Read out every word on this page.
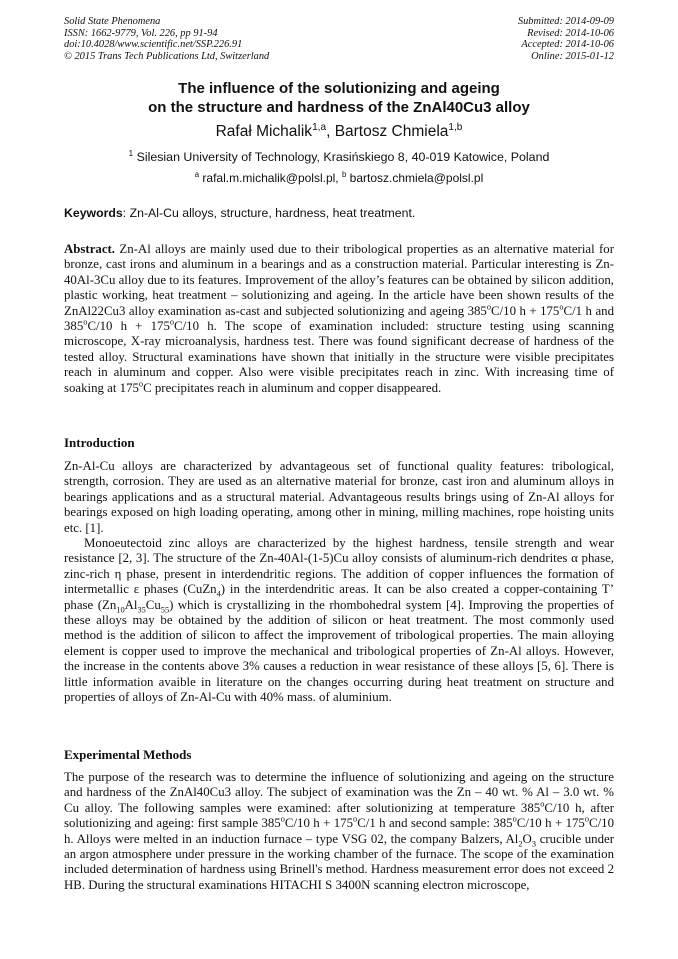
Solid State Phenomena
ISSN: 1662-9779, Vol. 226, pp 91-94
doi:10.4028/www.scientific.net/SSP.226.91
© 2015 Trans Tech Publications Ltd, Switzerland
Submitted: 2014-09-09
Revised: 2014-10-06
Accepted: 2014-10-06
Online: 2015-01-12
The influence of the solutionizing and ageing
on the structure and hardness of the ZnAl40Cu3 alloy
Rafał Michalik$^{1,a}$, Bartosz Chmiela$^{1,b}$
$^1$ Silesian University of Technology, Krasińskiego 8, 40-019 Katowice, Poland
$^a$ rafal.m.michalik@polsl.pl, $^b$ bartosz.chmiela@polsl.pl
Keywords: Zn-Al-Cu alloys, structure, hardness, heat treatment.
Abstract. Zn-Al alloys are mainly used due to their tribological properties as an alternative material for bronze, cast irons and aluminum in a bearings and as a construction material. Particular interesting is Zn-40Al-3Cu alloy due to its features. Improvement of the alloy’s features can be obtained by silicon addition, plastic working, heat treatment – solutionizing and ageing. In the article have been shown results of the ZnAl22Cu3 alloy examination as-cast and subjected solutionizing and ageing 385$^o$C/10 $h + 175^oC/1$ h and 385$^o$C/10 $h + 175^oC/10$ h. The scope of examination included: structure testing using scanning microscope, X-ray microanalysis, hardness test. There was found significant decrease of hardness of the tested alloy. Structural examinations have shown that initially in the structure were visible precipitates reach in aluminum and copper. Also were visible precipitates reach in zinc. With increasing time of soaking at 175$^o$C precipitates reach in aluminum and copper disappeared.
Introduction

Zn-Al-Cu alloys are characterized by advantageous set of functional quality features: tribological, strength, corrosion. They are used as an alternative material for bronze, cast iron and aluminum alloys in bearings applications and as a structural material. Advantageous results brings using of Zn-Al alloys for bearings exposed on high loading operating, among other in mining, milling machines, rope hoisting units etc. [1].

Monoeutectoid zinc alloys are characterized by the highest hardness, tensile strength and wear resistance [2, 3]. The structure of the Zn-40Al-(1-5)Cu alloy consists of aluminum-rich dendrites α phase, zinc-rich η phase, present in interdendritic regions. The addition of copper influences the formation of intermetallic ε phases (CuZn$_4$) in the interdendritic areas. It can be also created a copper-containing T’ phase $(Zn_{10}Al_{35}Cu_{55})$ which is crystallizing in the rhombohedral system [4]. Improving the properties of these alloys may be obtained by the addition of silicon or heat treatment. The most commonly used method is the addition of silicon to affect the improvement of tribological properties. The main alloying element is copper used to improve the mechanical and tribological properties of Zn-Al alloys. However, the increase in the contents above 3% causes a reduction in wear resistance of these alloys [5, 6]. There is little information avaible in literature on the changes occurring during heat treatment on structure and properties of alloys of Zn-Al-Cu with 40% mass. of aluminium.

Experimental Methods
The purpose of the research was to determine the influence of solutionizing and ageing on the structure and hardness of the ZnAl40Cu3 alloy. The subject of examination was the Zn – 40 wt. % Al – 3.0 wt. % Cu alloy. The following samples were examined: after solutionizing at temperature 385$^o$C/10 h, after solutionizing and ageing: first sample 385$^o$C/10 $h + 175^oC/1$ h and second sample: 385$^o$C/10 $h + 175^oC/10$ h. Alloys were melted in an induction furnace – type VSG 02, the company Balzers, $Al_2O_3$ crucible under an argon atmosphere under pressure in the working chamber of the furnace. The scope of the examination included determination of hardness using Brinell's method. Hardness measurement error does not exceed 2 HB. During the structural examinations HITACHI S 3400N scanning electron microscope,
